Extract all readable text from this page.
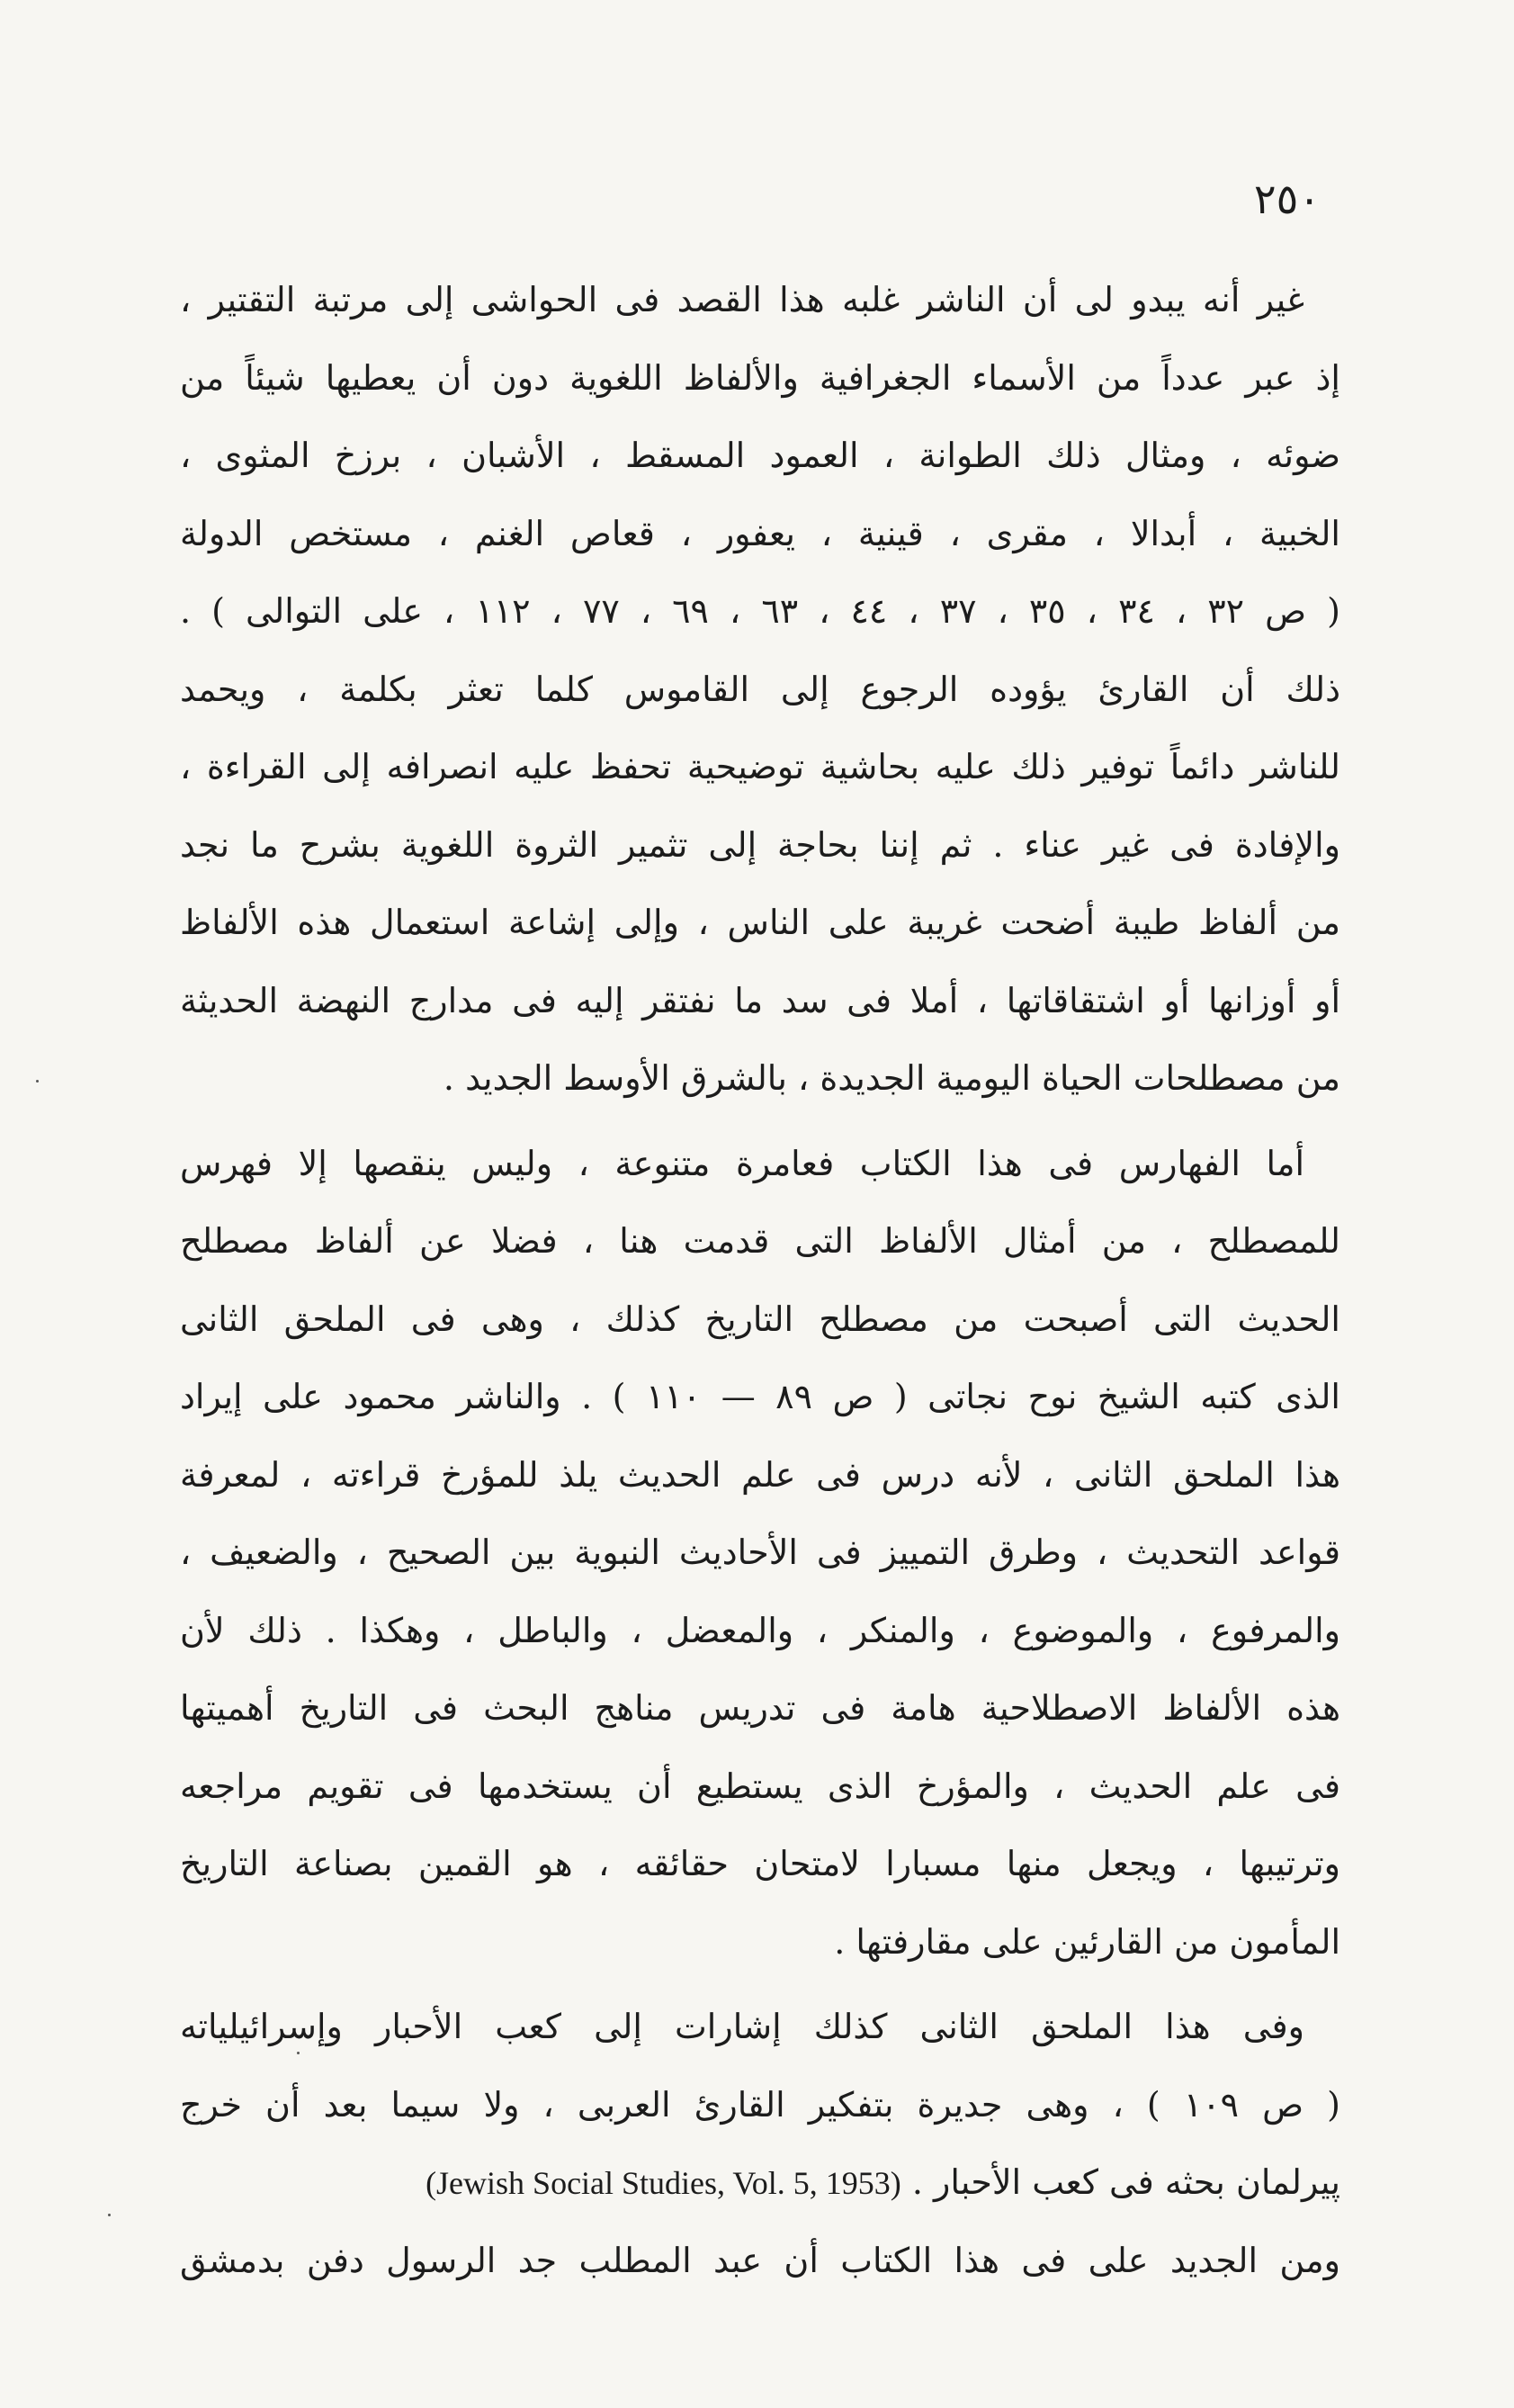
٢٥٠
غير أنه يبدو لى أن الناشر غلبه هذا القصد فى الحواشى إلى مرتبة التقتير ،
إذ عبر عدداً من الأسماء الجغرافية والألفاظ اللغوية دون أن يعطيها شيئاً من
ضوئه ، ومثال ذلك الطوانة ، العمود المسقط ، الأشبان ، برزخ المثوى ،
الخبية ، أبدالا ، مقرى ، قينية ، يعفور ، قعاص الغنم ، مستخص الدولة
( ص ٣٢ ، ٣٤ ، ٣٥ ، ٣٧ ، ٤٤ ، ٦٣ ، ٦٩ ، ٧٧ ، ١١٢ ، على التوالى ) .
ذلك أن القارئ يؤوده الرجوع إلى القاموس كلما تعثر بكلمة ، ويحمد
للناشر دائماً توفير ذلك عليه بحاشية توضيحية تحفظ عليه انصرافه إلى القراءة ،
والإفادة فى غير عناء . ثم إننا بحاجة إلى تثمير الثروة اللغوية بشرح ما نجد
من ألفاظ طيبة أضحت غريبة على الناس ، وإلى إشاعة استعمال هذه الألفاظ
أو أوزانها أو اشتقاقاتها ، أملا فى سد ما نفتقر إليه فى مدارج النهضة الحديثة
من مصطلحات الحياة اليومية الجديدة ، بالشرق الأوسط الجديد .
أما الفهارس فى هذا الكتاب فعامرة متنوعة ، وليس ينقصها إلا فهرس
للمصطلح ، من أمثال الألفاظ التى قدمت هنا ، فضلا عن ألفاظ مصطلح
الحديث التى أصبحت من مصطلح التاريخ كذلك ، وهى فى الملحق الثانى
الذى كتبه الشيخ نوح نجاتى ( ص ٨٩ — ١١٠ ) . والناشر محمود على إيراد
هذا الملحق الثانى ، لأنه درس فى علم الحديث يلذ للمؤرخ قراءته ، لمعرفة
قواعد التحديث ، وطرق التمييز فى الأحاديث النبوية بين الصحيح ، والضعيف ،
والمرفوع ، والموضوع ، والمنكر ، والمعضل ، والباطل ، وهكذا . ذلك لأن
هذه الألفاظ الاصطلاحية هامة فى تدريس مناهج البحث فى التاريخ أهميتها
فى علم الحديث ، والمؤرخ الذى يستطيع أن يستخدمها فى تقويم مراجعه
وترتيبها ، ويجعل منها مسبارا لامتحان حقائقه ، هو القمين بصناعة التاريخ
المأمون من القارئين على مقارفتها .
وفى هذا الملحق الثانى كذلك إشارات إلى كعب الأحبار وإسرائيلياته
( ص ١٠٩ ) ، وهى جديرة بتفكير القارئ العربى ، ولا سيما بعد أن خرج
پيرلمان بحثه فى كعب الأحبار . (Jewish Social Studies, Vol. 5, 1953)
ومن الجديد على فى هذا الكتاب أن عبد المطلب جد الرسول دفن بدمشق
